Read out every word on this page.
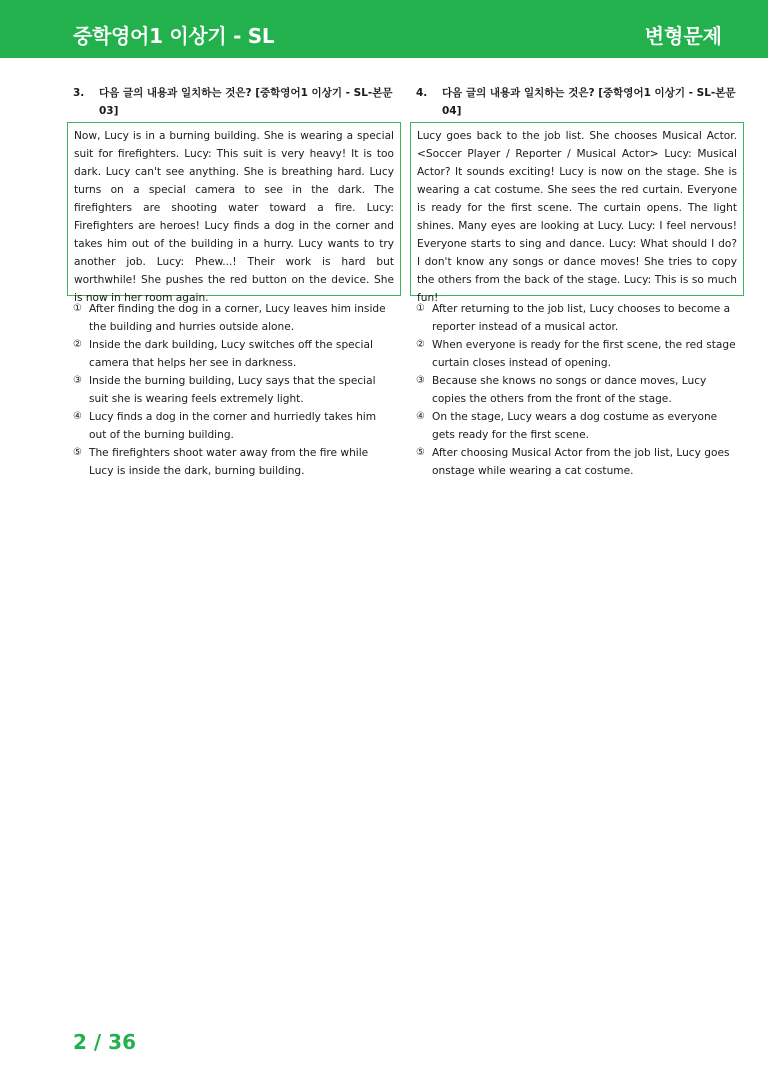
중학영어1 이상기 - SL	변형문제
3. 다음 글의 내용과 일치하는 것은? [중학영어1 이상기 - SL-본문 03]
Now, Lucy is in a burning building. She is wearing a special suit for firefighters. Lucy: This suit is very heavy! It is too dark. Lucy can't see anything. She is breathing hard. Lucy turns on a special camera to see in the dark. The firefighters are shooting water toward a fire. Lucy: Firefighters are heroes! Lucy finds a dog in the corner and takes him out of the building in a hurry. Lucy wants to try another job. Lucy: Phew...! Their work is hard but worthwhile! She pushes the red button on the device. She is now in her room again.
① After finding the dog in a corner, Lucy leaves him inside the building and hurries outside alone.
② Inside the dark building, Lucy switches off the special camera that helps her see in darkness.
③ Inside the burning building, Lucy says that the special suit she is wearing feels extremely light.
④ Lucy finds a dog in the corner and hurriedly takes him out of the burning building.
⑤ The firefighters shoot water away from the fire while Lucy is inside the dark, burning building.
4. 다음 글의 내용과 일치하는 것은? [중학영어1 이상기 - SL-본문 04]
Lucy goes back to the job list. She chooses Musical Actor. <Soccer Player / Reporter / Musical Actor> Lucy: Musical Actor? It sounds exciting! Lucy is now on the stage. She is wearing a cat costume. She sees the red curtain. Everyone is ready for the first scene. The curtain opens. The light shines. Many eyes are looking at Lucy. Lucy: I feel nervous! Everyone starts to sing and dance. Lucy: What should I do? I don't know any songs or dance moves! She tries to copy the others from the back of the stage. Lucy: This is so much fun!
① After returning to the job list, Lucy chooses to become a reporter instead of a musical actor.
② When everyone is ready for the first scene, the red stage curtain closes instead of opening.
③ Because she knows no songs or dance moves, Lucy copies the others from the front of the stage.
④ On the stage, Lucy wears a dog costume as everyone gets ready for the first scene.
⑤ After choosing Musical Actor from the job list, Lucy goes onstage while wearing a cat costume.
2 / 36
